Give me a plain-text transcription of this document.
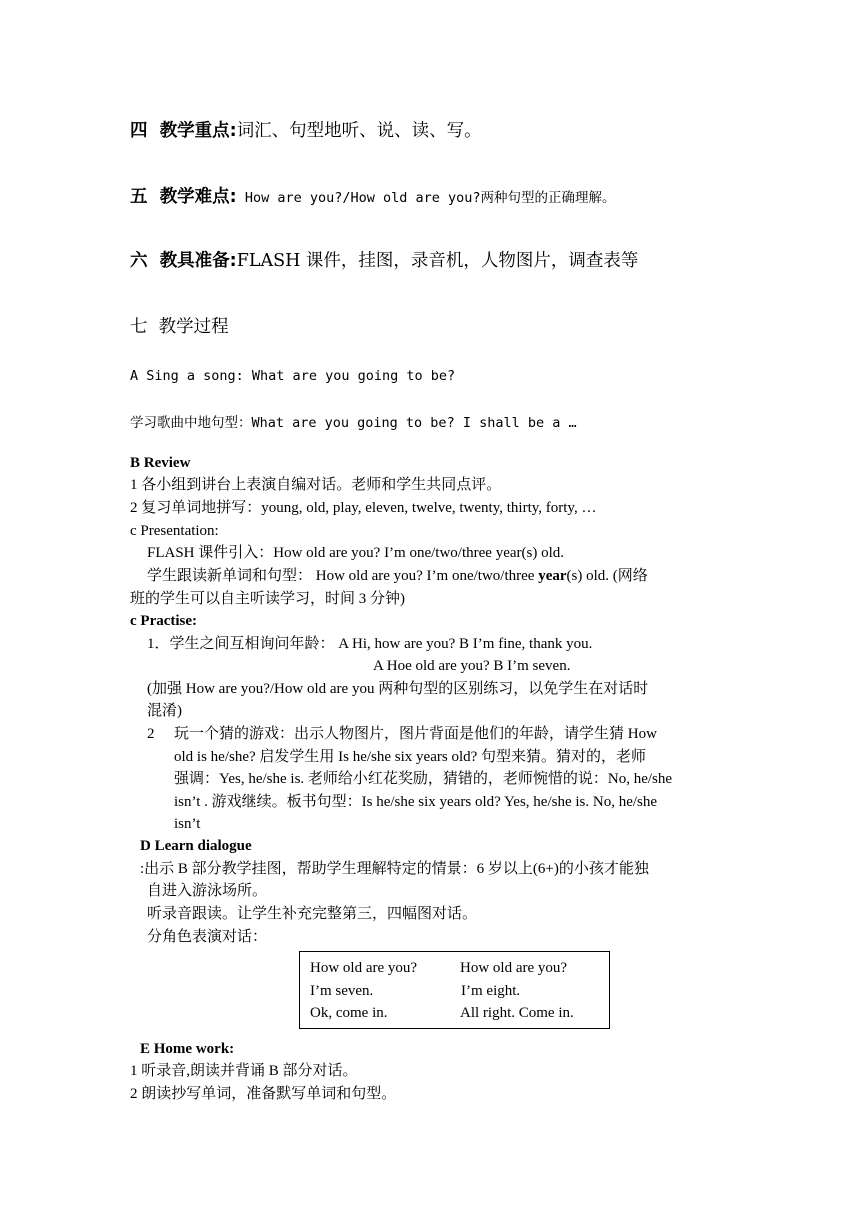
四 教学重点:词汇、句型地听、说、读、写。
五 教学难点: How are you?/How old are you?两种句型的正确理解。
六 教具准备:FLASH 课件，挂图，录音机，人物图片，调查表等
七 教学过程
A Sing a song: What are you going to be?
学习歌曲中地句型：What are you going to be? I shall be a …
B Review
1 各小组到讲台上表演自编对话。老师和学生共同点评。
2 复习单词地拼写：young, old, play, eleven, twelve, twenty, thirty, forty, …
c Presentation:
FLASH 课件引入：How old are you? I’m one/two/three year(s) old.
学生跟读新单词和句型： How old are you? I’m one/two/three year(s) old. (网络
班的学生可以自主听读学习，时间 3 分钟)
c Practise:
1．学生之间互相询问年龄： A Hi, how are you? B I’m fine, thank you.
A Hoe old are you? B I’m seven.
(加强 How are you?/How old are you 两种句型的区别练习，以免学生在对话时
混淆)
2 玩一个猜的游戏：出示人物图片，图片背面是他们的年龄，请学生猜 How
old is he/she? 启发学生用 Is he/she six years old? 句型来猜。猜对的，老师
强调：Yes, he/she is. 老师给小红花奖励，猜错的，老师惋惜的说：No, he/she
isn’t . 游戏继续。板书句型：Is he/she six years old? Yes, he/she is. No, he/she
isn’t
D Learn dialogue
:出示 B 部分教学挂图，帮助学生理解特定的情景：6 岁以上(6+)的小孩才能独
自进入游泳场所。
听录音跟读。让学生补充完整第三，四幅图对话。
分角色表演对话：
How old are you?	How old are you?
I’m seven.	I’m eight.
Ok, come in.	All right. Come in.
E Home work:
1 听录音,朗读并背诵 B 部分对话。
2 朗读抄写单词，准备默写单词和句型。
